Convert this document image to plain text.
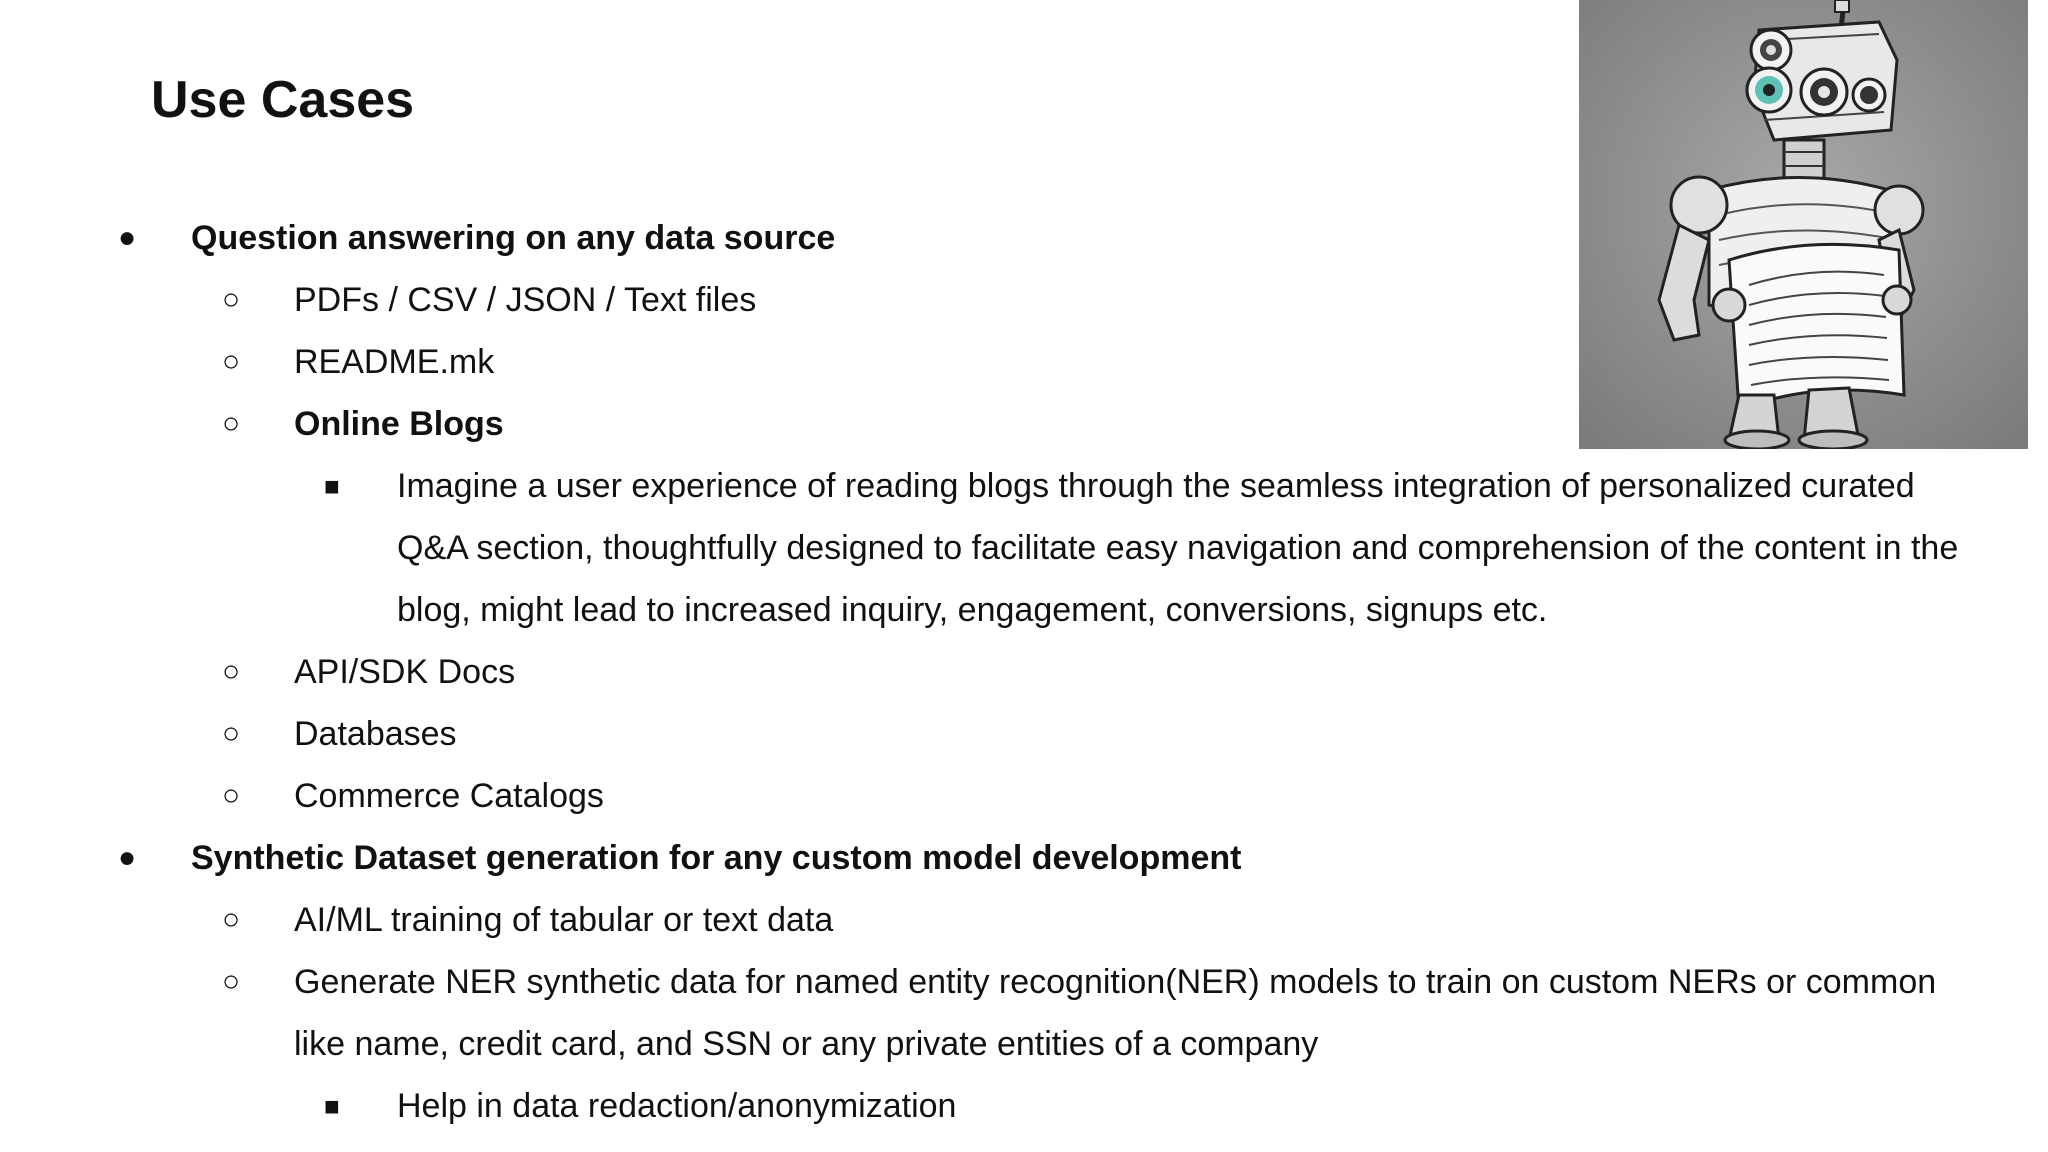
Use Cases
● Question answering on any data source
○ PDFs / CSV / JSON / Text files
○ README.mk
○ Online Blogs
■ Imagine a user experience of reading blogs through the seamless integration of personalized curated
Q&A section, thoughtfully designed to facilitate easy navigation and comprehension of the content in the
blog, might lead to increased inquiry, engagement, conversions, signups etc.
○ API/SDK Docs
○ Databases
○ Commerce Catalogs
● Synthetic Dataset generation for any custom model development
○ AI/ML training of tabular or text data
○ Generate NER synthetic data for named entity recognition(NER) models to train on custom NERs or common
like name, credit card, and SSN or any private entities of a company
■ Help in data redaction/anonymization
